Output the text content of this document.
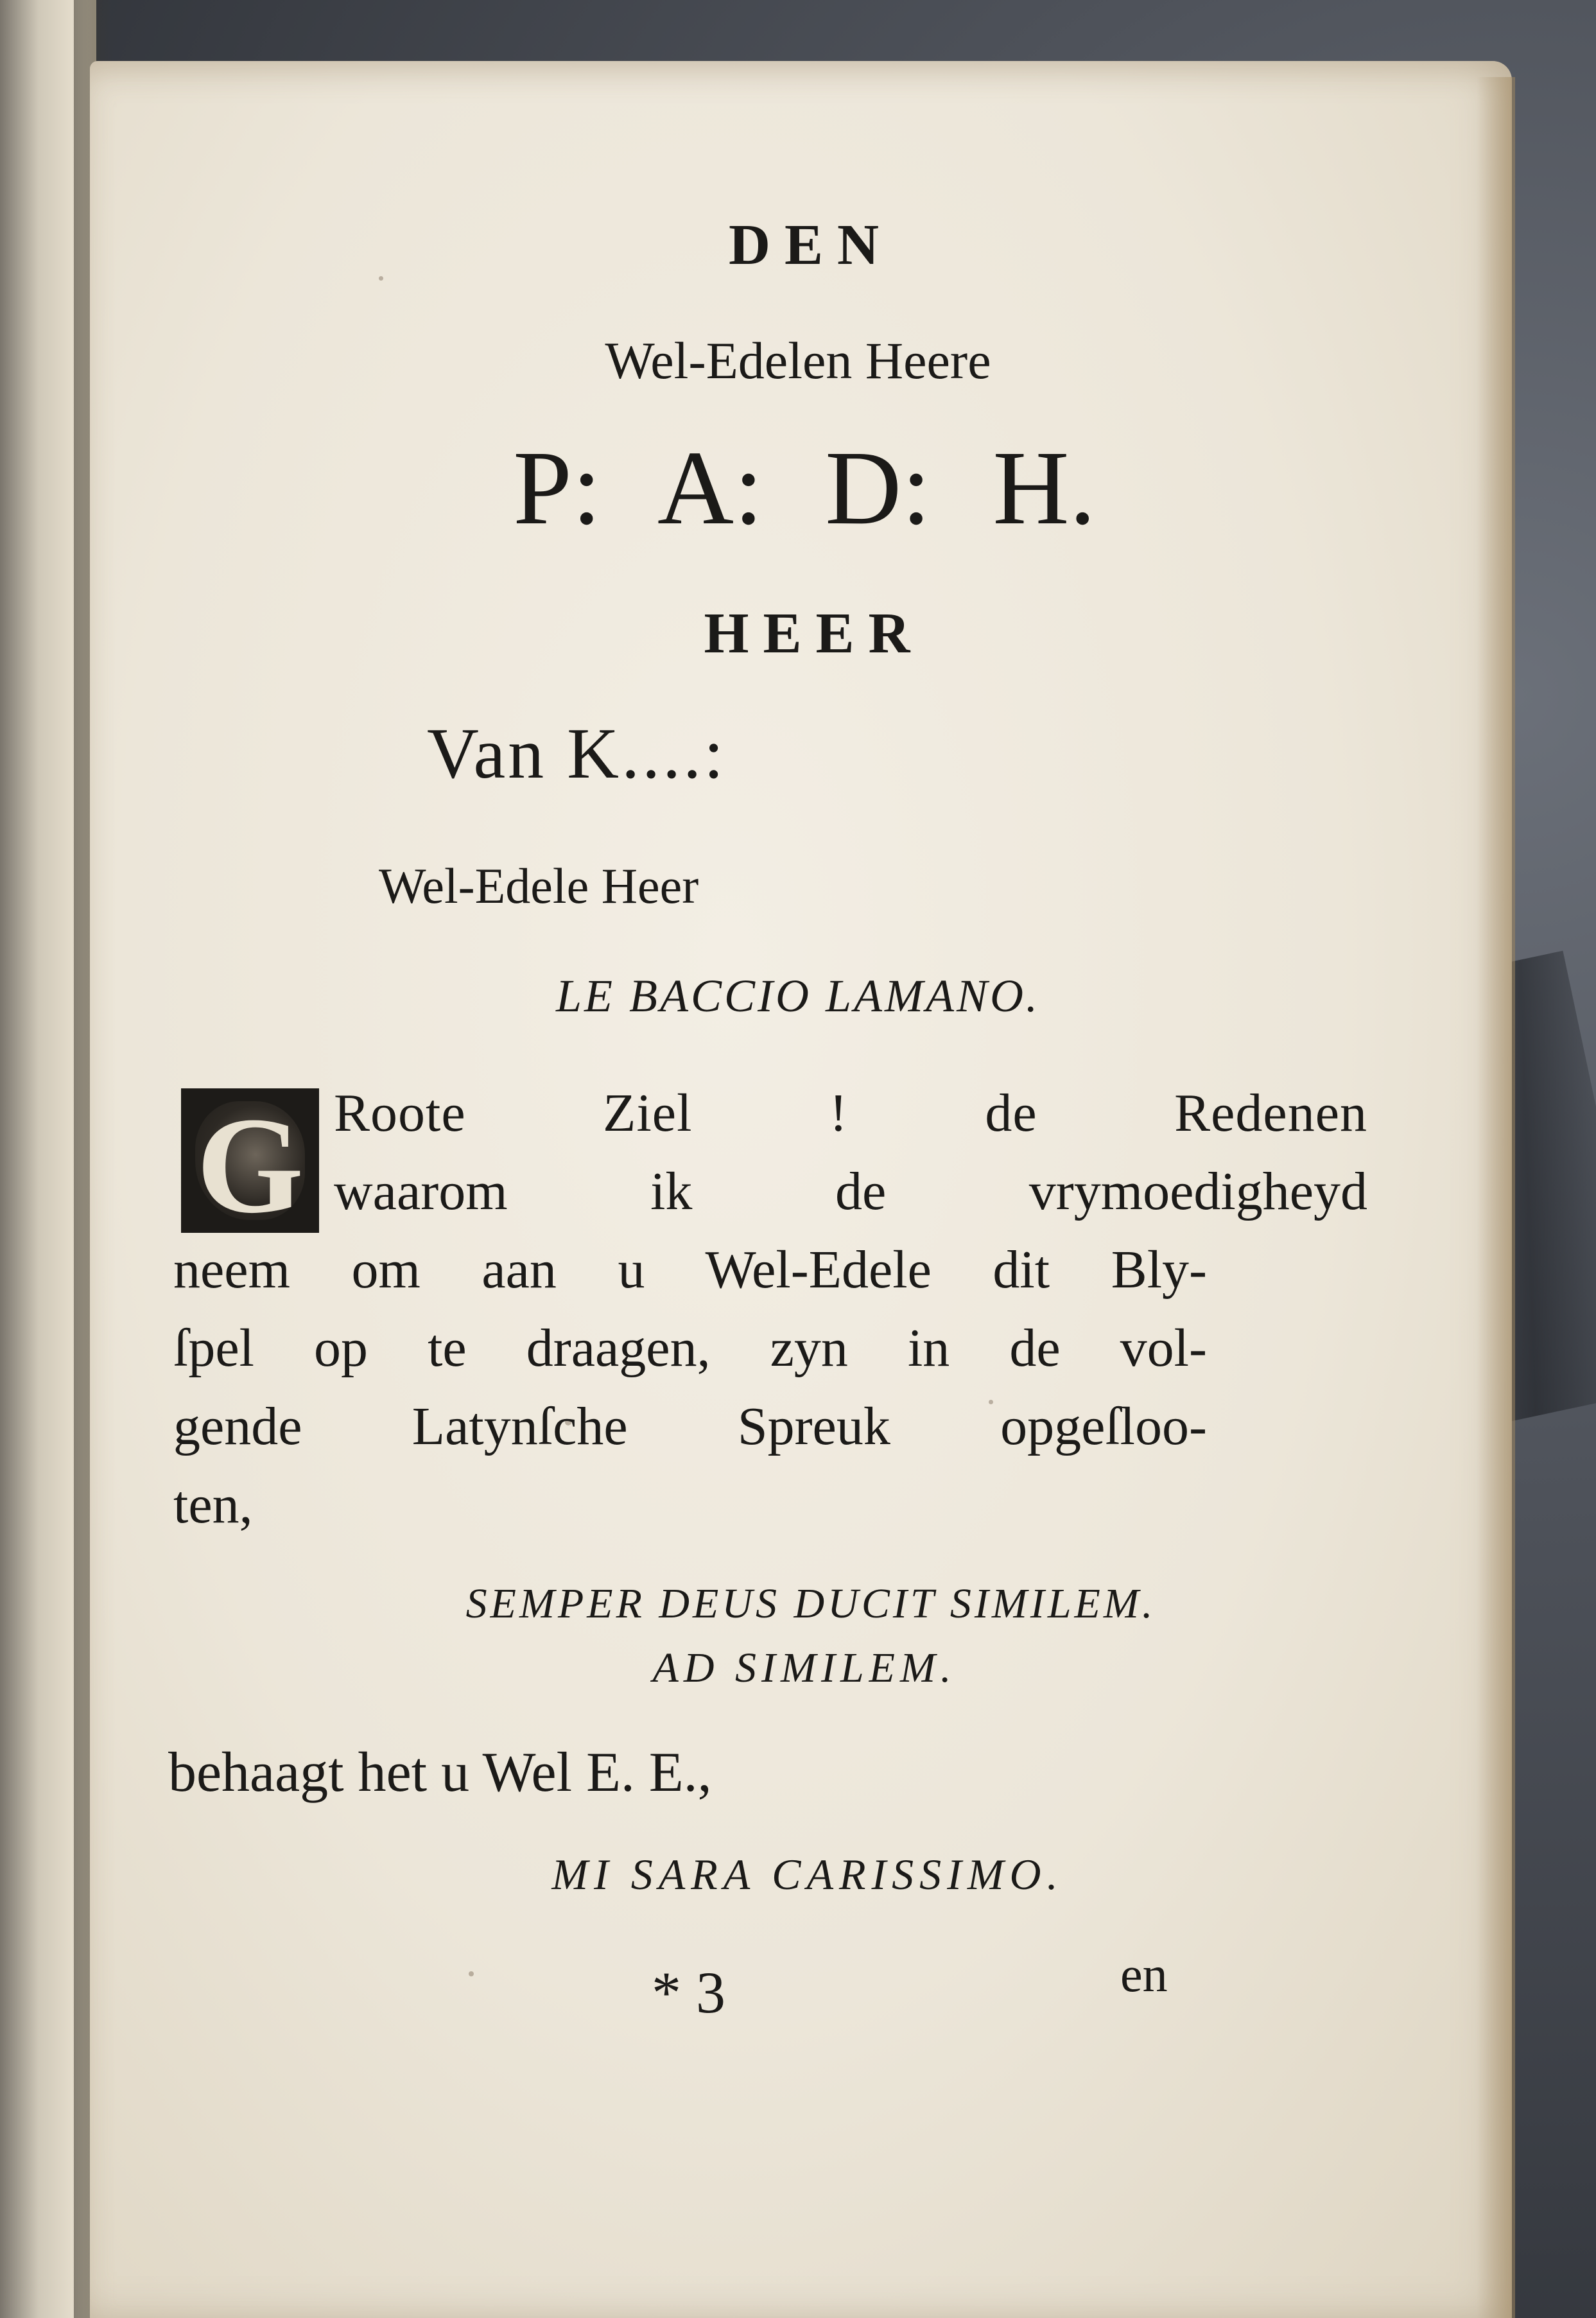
DEN
Wel-Edelen Heere
P: A: D: H.
HEER
Van K....:
Wel-Edele Heer
LE BACCIO LAMANO.
G Roote Ziel ! de Redenen
waarom ik de vrymoedigheyd
neem om aan u Wel-Edele dit Bly-
ſpel op te draagen, zyn in de vol-
gende Latynſche Spreuk opgeſloo-
ten,
SEMPER DEUS DUCIT SIMILEM.
AD SIMILEM.
behaagt het u Wel E. E.,
MI SARA CARISSIMO.
* 3	en
